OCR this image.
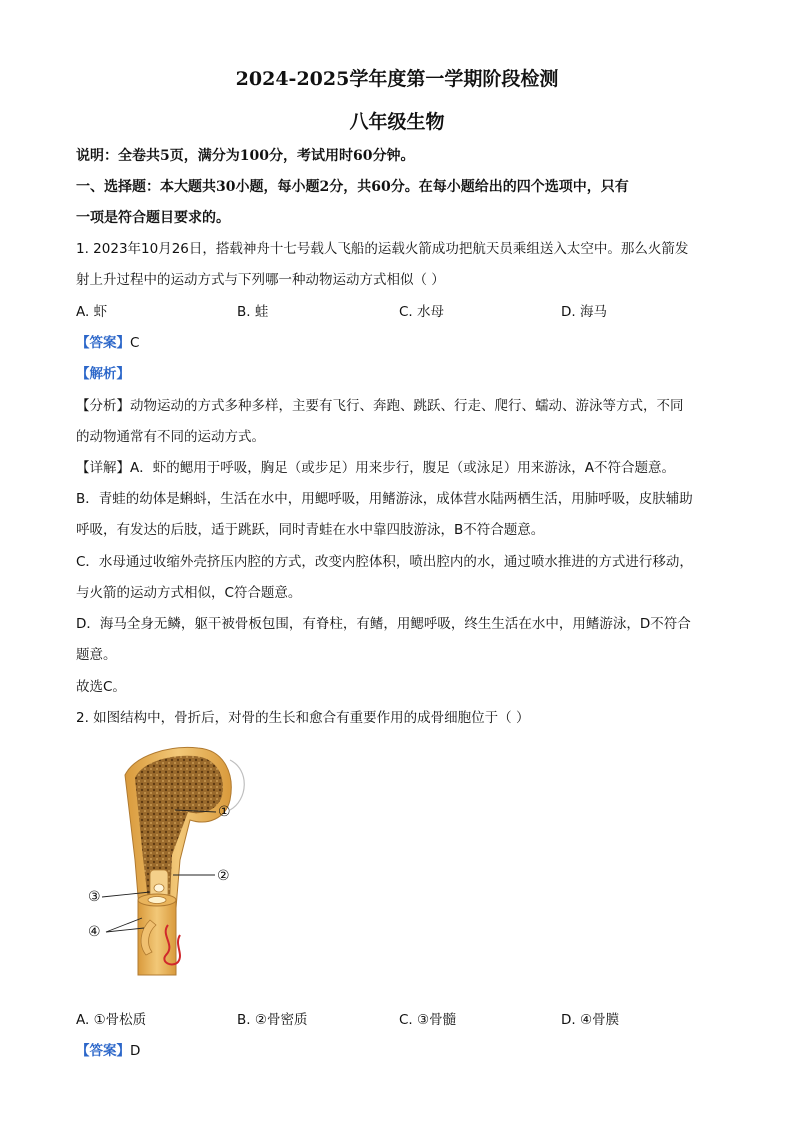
2024-2025学年度第一学期阶段检测
八年级生物
说明：全卷共5页，满分为100分，考试用时60分钟。
一、选择题：本大题共30小题，每小题2分，共60分。在每小题给出的四个选项中，只有
一项是符合题目要求的。
1. 2023年10月26日，搭载神舟十七号载人飞船的运载火箭成功把航天员乘组送入太空中。那么火箭发
射上升过程中的运动方式与下列哪一种动物运动方式相似（ ）
A. 虾	B. 蛙	C. 水母	D. 海马
【答案】C
【解析】
【分析】动物运动的方式多种多样，主要有飞行、奔跑、跳跃、行走、爬行、蠕动、游泳等方式，不同
的动物通常有不同的运动方式。
【详解】A．虾的鳃用于呼吸，胸足（或步足）用来步行，腹足（或泳足）用来游泳，A不符合题意。
B．青蛙的幼体是蝌蚪，生活在水中，用鳃呼吸，用鳍游泳，成体营水陆两栖生活，用肺呼吸，皮肤辅助
呼吸，有发达的后肢，适于跳跃，同时青蛙在水中靠四肢游泳，B不符合题意。
C．水母通过收缩外壳挤压内腔的方式，改变内腔体积，喷出腔内的水，通过喷水推进的方式进行移动，
与火箭的运动方式相似，C符合题意。
D．海马全身无鳞，躯干被骨板包围，有脊柱，有鳍，用鳃呼吸，终生生活在水中，用鳍游泳，D不符合
题意。
故选C。
2. 如图结构中，骨折后，对骨的生长和愈合有重要作用的成骨细胞位于（ ）
①
②
③
④
A. ①骨松质	B. ②骨密质	C. ③骨髓	D. ④骨膜
【答案】D
